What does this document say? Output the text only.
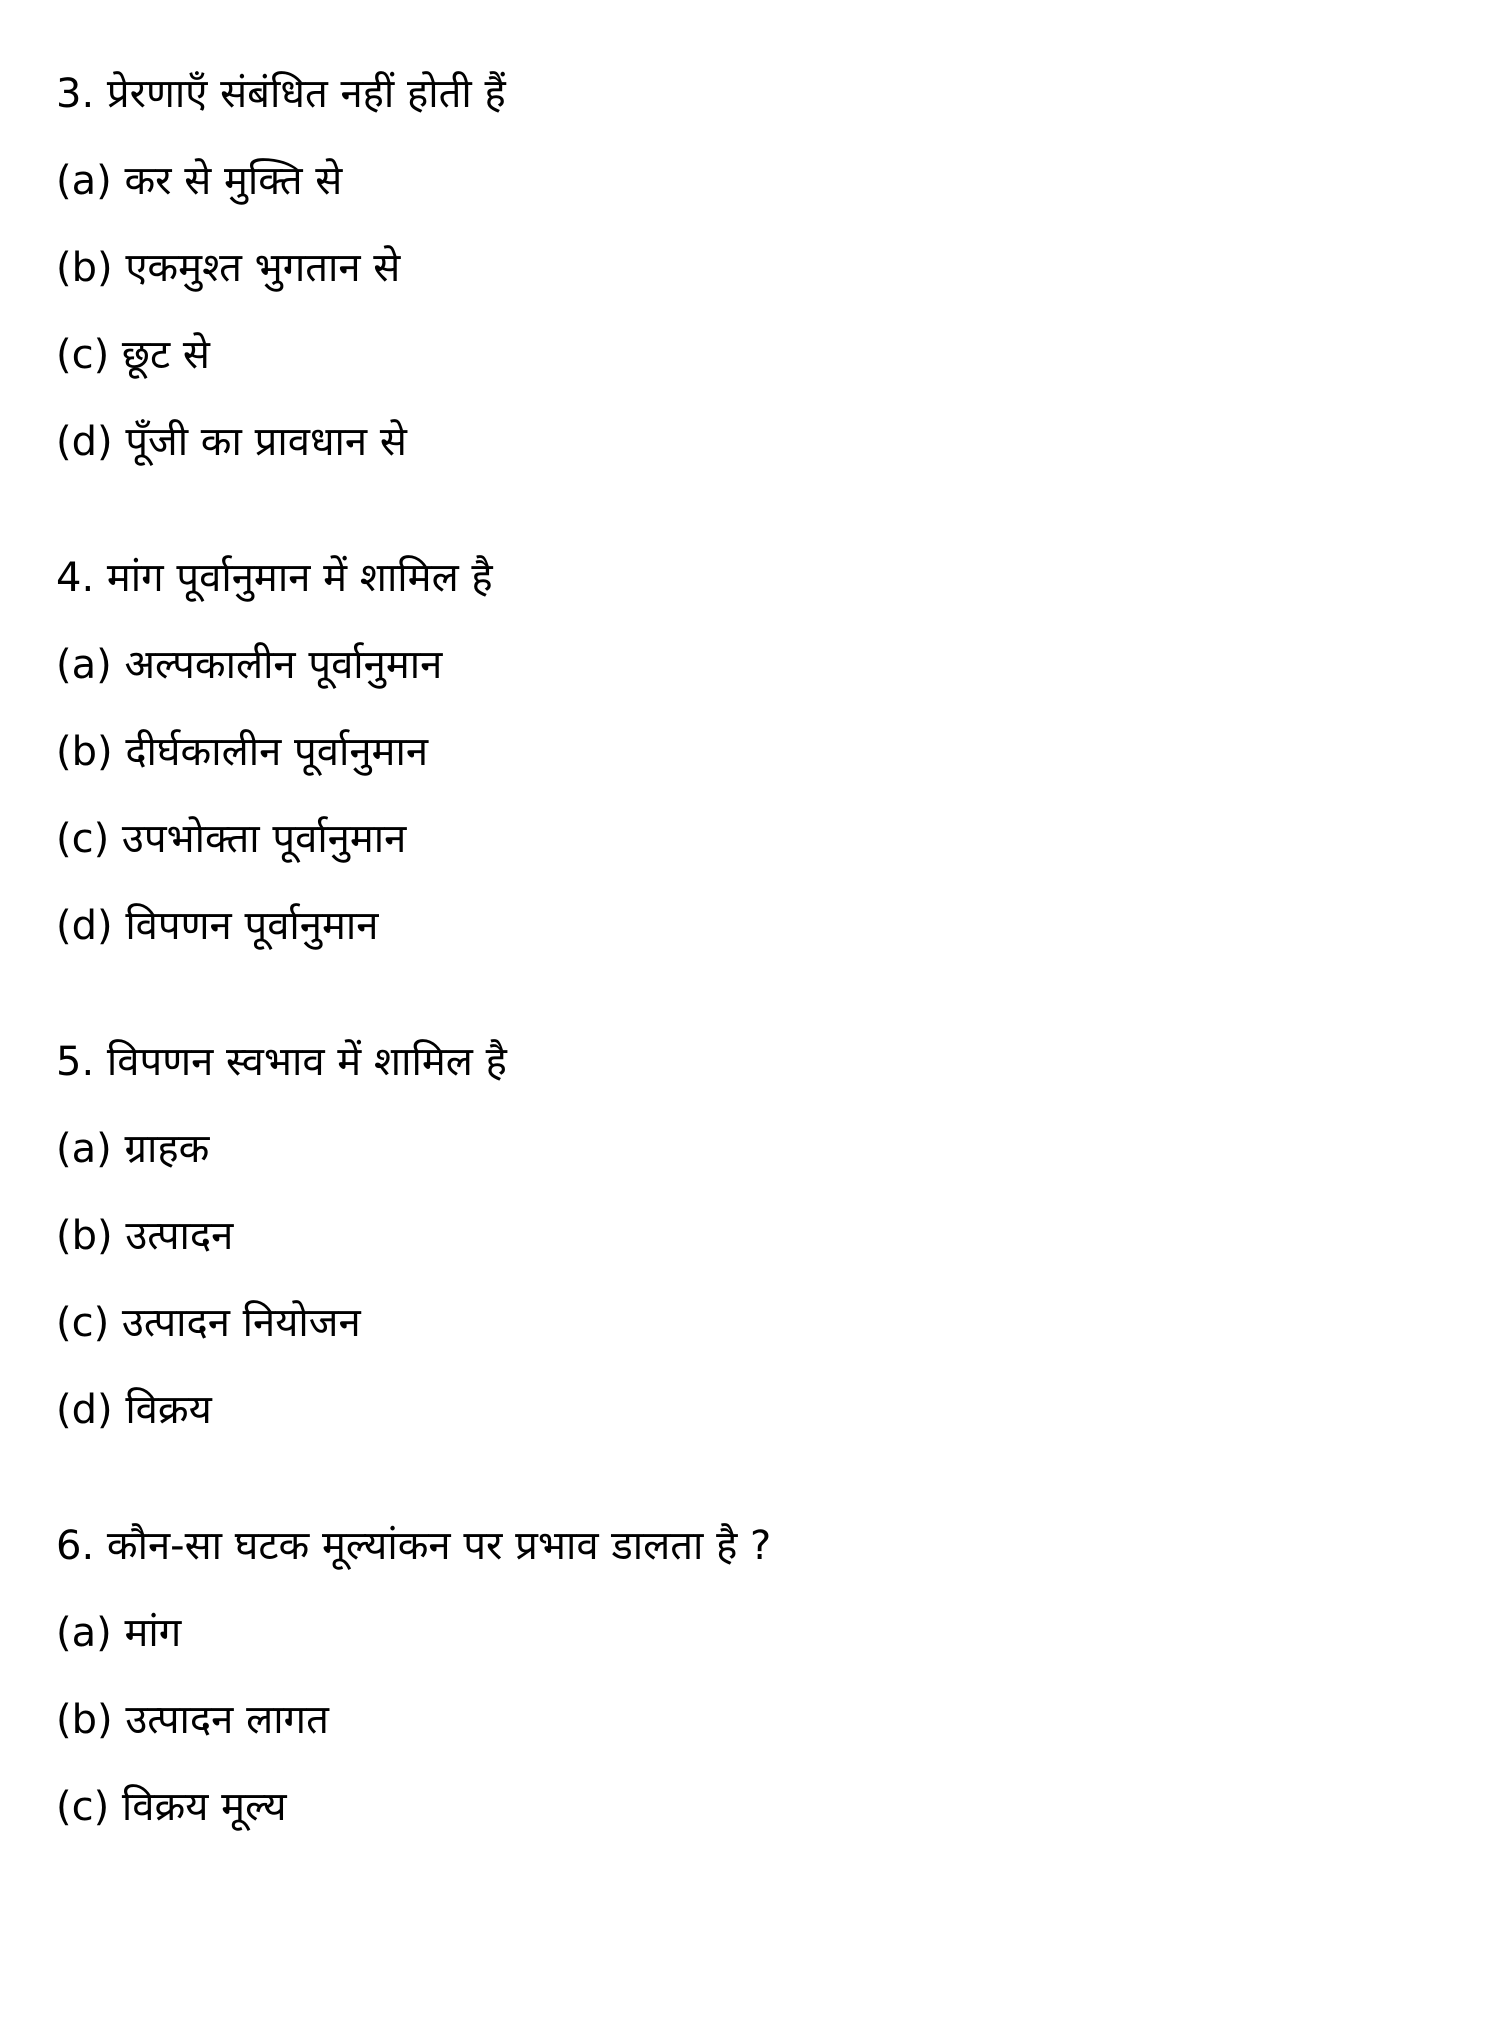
3. प्रेरणाएँ संबंधित नहीं होती हैं
(a) कर से मुक्ति से
(b) एकमुश्त भुगतान से
(c) छूट से
(d) पूँजी का प्रावधान से
4. मांग पूर्वानुमान में शामिल है
(a) अल्पकालीन पूर्वानुमान
(b) दीर्घकालीन पूर्वानुमान
(c) उपभोक्ता पूर्वानुमान
(d) विपणन पूर्वानुमान
5. विपणन स्वभाव में शामिल है
(a) ग्राहक
(b) उत्पादन
(c) उत्पादन नियोजन
(d) विक्रय
6. कौन-सा घटक मूल्यांकन पर प्रभाव डालता है ?
(a) मांग
(b) उत्पादन लागत
(c) विक्रय मूल्य
